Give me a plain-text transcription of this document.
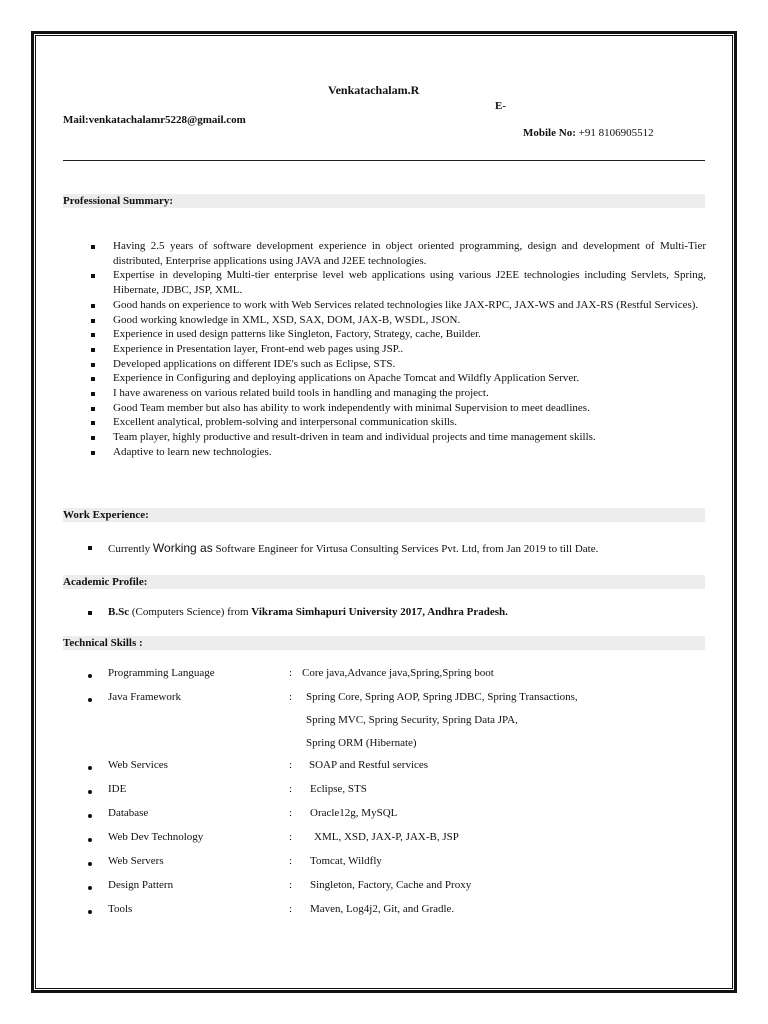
Venkatachalam.R
E-
Mail:venkatachalamr5228@gmail.com
Mobile No: +91 8106905512
Professional Summary:
Having 2.5 years of software development experience in object oriented programming, design and development of Multi-Tier distributed, Enterprise applications using JAVA and J2EE technologies.
Expertise in developing Multi-tier enterprise level web applications using various J2EE technologies including Servlets, Spring, Hibernate, JDBC, JSP, XML.
Good hands on experience to work with Web Services related technologies like JAX-RPC, JAX-WS and JAX-RS (Restful Services).
Good working knowledge in XML, XSD, SAX, DOM, JAX-B, WSDL, JSON.
Experience in used design patterns like Singleton, Factory, Strategy, cache, Builder.
Experience in Presentation layer, Front-end web pages using JSP..
Developed applications on different IDE's such as Eclipse, STS.
Experience in Configuring and deploying applications on Apache Tomcat and Wildfly Application Server.
I have awareness on various related build tools in handling and managing the project.
Good Team member but also has ability to work independently with minimal Supervision to meet deadlines.
Excellent analytical, problem-solving and interpersonal communication skills.
Team player, highly productive and result-driven in team and individual projects and time management skills.
Adaptive to learn new technologies.
Work Experience:
Currently Working as Software Engineer for Virtusa Consulting Services Pvt. Ltd, from Jan 2019 to till Date.
Academic Profile:
B.Sc (Computers Science) from Vikrama Simhapuri University 2017, Andhra Pradesh.
Technical Skills :
Programming Language	: Core java,Advance java,Spring,Spring boot
Java Framework	: Spring Core, Spring AOP, Spring JDBC, Spring Transactions,
Spring MVC, Spring Security, Spring Data JPA,
Spring ORM (Hibernate)
Web Services	: SOAP and Restful services
IDE	: Eclipse, STS
Database	: Oracle12g, MySQL
Web Dev Technology	: XML, XSD, JAX-P, JAX-B, JSP
Web Servers	: Tomcat, Wildfly
Design Pattern	: Singleton, Factory, Cache and Proxy
Tools	: Maven, Log4j2, Git, and Gradle.
